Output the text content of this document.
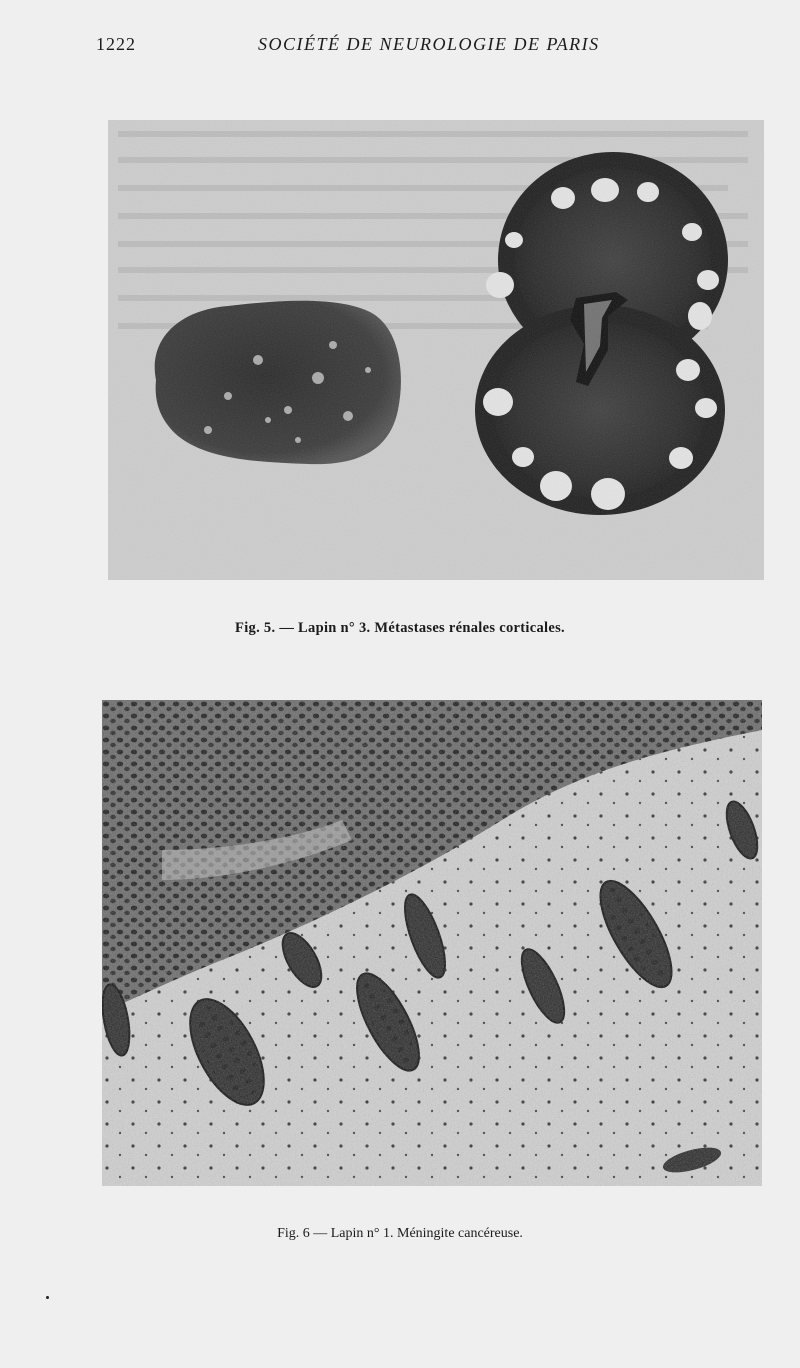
1222	SOCIÉTÉ DE NEUROLOGIE DE PARIS
Fig. 5. — Lapin n° 3. Métastases rénales corticales.
Fig. 6 — Lapin n° 1. Méningite cancéreuse.
